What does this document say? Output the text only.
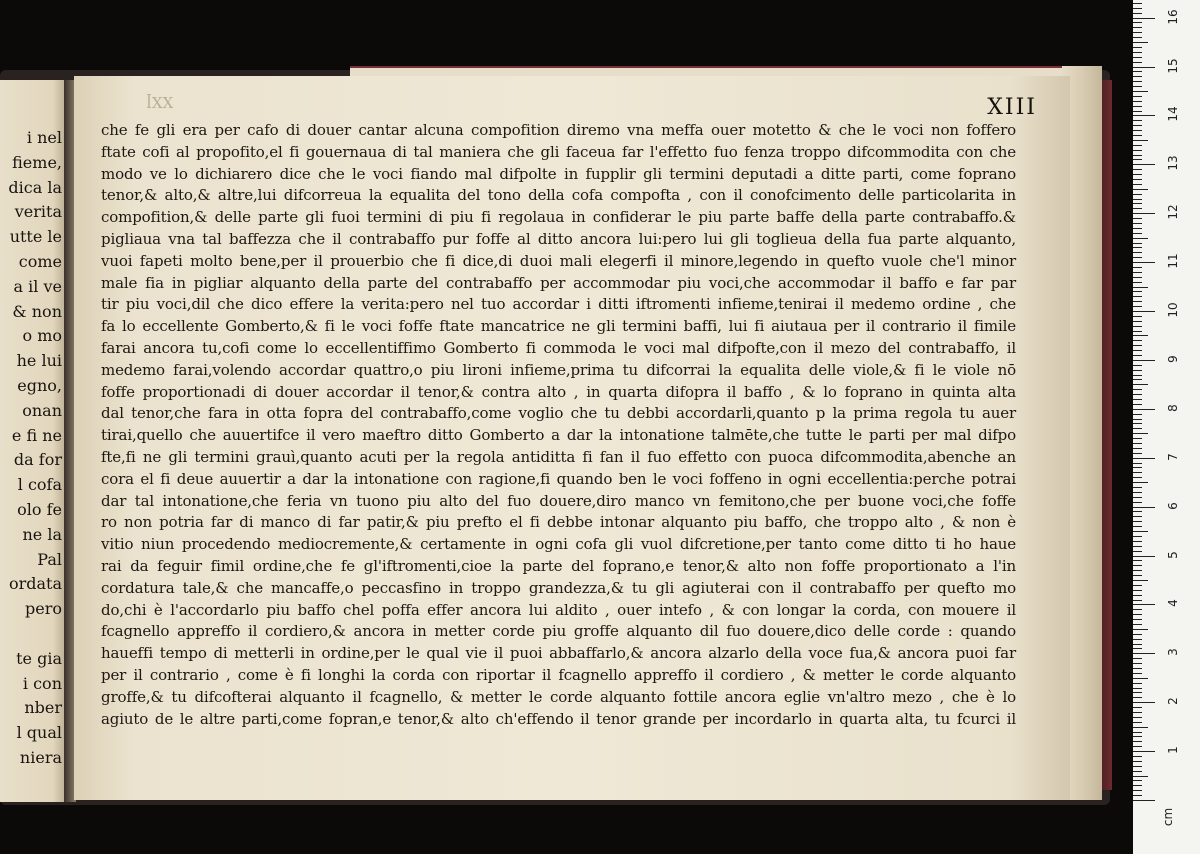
i nel
fieme,
dica la
verita
utte le
come
a il ve
& non
o mo
he lui
egno,
onan
e fi ne
da for
l cofa
olo fe
ne la
Pal
ordata
pero
te gia
i con
nber
l qual
niera
ꟾXX	XIII
che fe gli era per cafo di douer cantar alcuna compofition diremo vna meffa ouer motetto & che le voci non foffero
ftate cofi al propofito,el fi gouernaua di tal maniera che gli faceua far l'effetto fuo fenza troppo difcommodita con che
modo ve lo dichiarero dice che le voci fiando mal difpolte in fupplir gli termini deputadi a ditte parti, come foprano
tenor,& alto,& altre,lui difcorreua la equalita del tono della cofa compofta , con il conofcimento delle particolarita in
compofition,& delle parte gli fuoi termini di piu fi regolaua in confiderar le piu parte baffe della parte contrabaffo.&
pigliaua vna tal baffezza che il contrabaffo pur foffe al ditto ancora lui:pero lui gli toglieua della fua parte alquanto,
vuoi fapeti molto bene,per il prouerbio che fi dice,di duoi mali elegerfi il minore,legendo in quefto vuole che'l minor
male fia in pigliar alquanto della parte del contrabaffo per accommodar piu voci,che accommodar il baffo e far par
tir piu voci,dil che dico effere la verita:pero nel tuo accordar i ditti iftromenti infieme,tenirai il medemo ordine , che
fa lo eccellente Gomberto,& fi le voci foffe ftate mancatrice ne gli termini baffi, lui fi aiutaua per il contrario il fimile
farai ancora tu,cofi come lo eccellentiffimo Gomberto fi commoda le voci mal difpofte,con il mezo del contrabaffo, il
medemo farai,volendo accordar quattro,o piu lironi infieme,prima tu difcorrai la equalita delle viole,& fi le viole nō
foffe proportionadi di douer accordar il tenor,& contra alto , in quarta difopra il baffo , & lo foprano in quinta alta
dal tenor,che fara in otta fopra del contrabaffo,come voglio che tu debbi accordarli,quanto p la prima regola tu auer
tirai,quello che auuertifce il vero maeftro ditto Gomberto a dar la intonatione talmēte,che tutte le parti per mal difpo
fte,fi ne gli termini grauì,quanto acuti per la regola antiditta fi fan il fuo effetto con puoca difcommodita,abenche an
cora el fi deue auuertir a dar la intonatione con ragione,fi quando ben le voci foffeno in ogni eccellentia:perche potrai
dar tal intonatione,che feria vn tuono piu alto del fuo douere,diro manco vn femitono,che per buone voci,che foffe
ro non potria far di manco di far patir,& piu prefto el fi debbe intonar alquanto piu baffo, che troppo alto , & non è
vitio niun procedendo mediocremente,& certamente in ogni cofa gli vuol difcretione,per tanto come ditto ti ho haue
rai da feguir fimil ordine,che fe gl'iftromenti,cioe la parte del foprano,e tenor,& alto non foffe proportionato a l'in
cordatura tale,& che mancaffe,o peccasfino in troppo grandezza,& tu gli agiuterai con il contrabaffo per quefto mo
do,chi è l'accordarlo piu baffo chel poffa effer ancora lui aldito , ouer intefo , & con longar la corda, con mouere il
fcagnello appreffo il cordiero,& ancora in metter corde piu groffe alquanto dil fuo douere,dico delle corde : quando
haueffi tempo di metterli in ordine,per le qual vie il puoi abbaffarlo,& ancora alzarlo della voce fua,& ancora puoi far
per il contrario , come è fi longhi la corda con riportar il fcagnello appreffo il cordiero , & metter le corde alquanto
groffe,& tu difcofterai alquanto il fcagnello, & metter le corde alquanto fottile ancora eglie vn'altro mezo , che è lo
agiuto de le altre parti,come fopran,e tenor,& alto ch'effendo il tenor grande per incordarlo in quarta alta, tu fcurci il
1
2
3
4
5
6
7
8
9
10
11
12
13
14
15
16
cm
